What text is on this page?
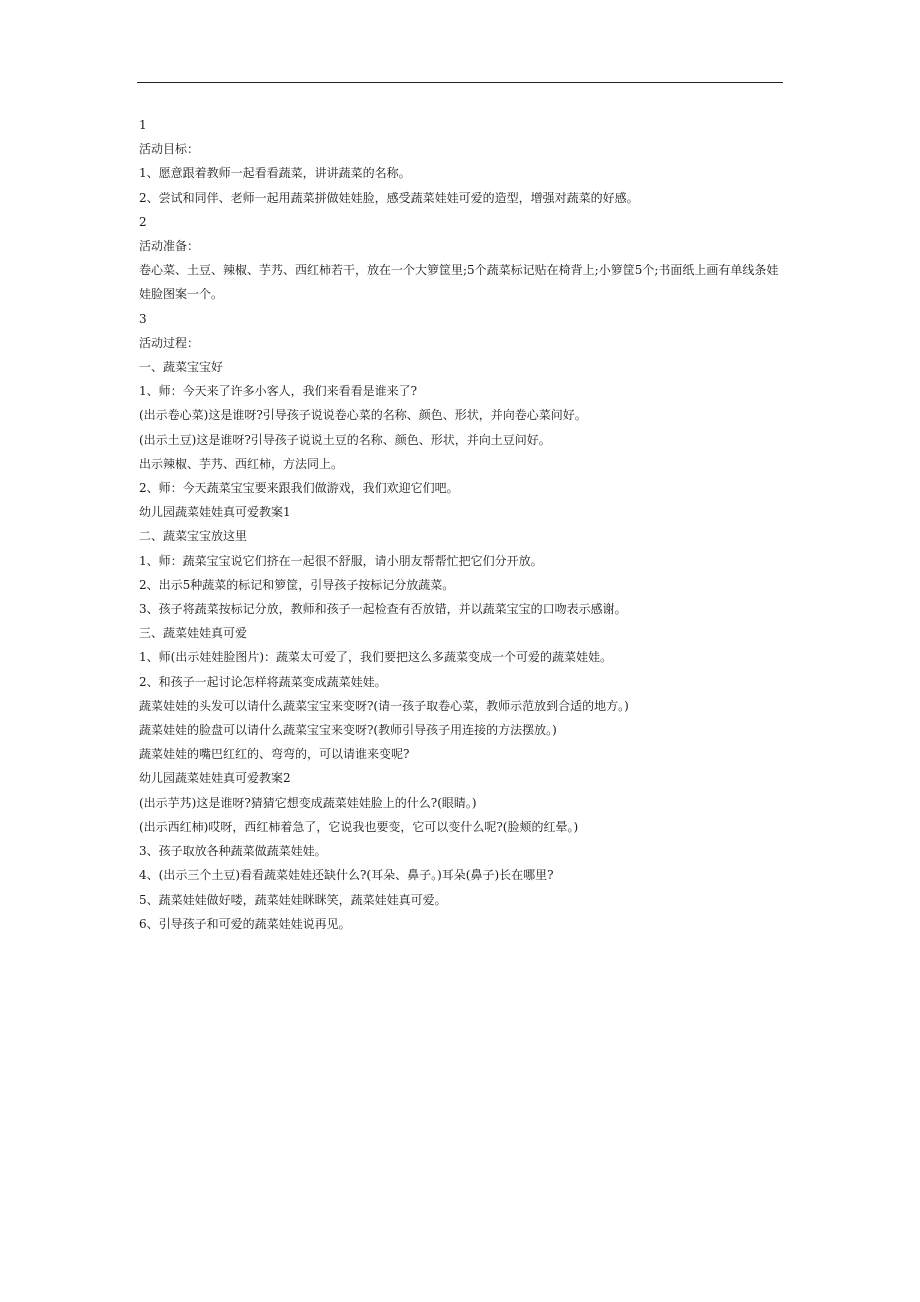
1

活动目标：

1、愿意跟着教师一起看看蔬菜，讲讲蔬菜的名称。

2、尝试和同伴、老师一起用蔬菜拼做娃娃脸，感受蔬菜娃娃可爱的造型，增强对蔬菜的好感。

2

活动准备：

卷心菜、土豆、辣椒、芋艿、西红柿若干，放在一个大箩筐里;5个蔬菜标记贴在椅背上;小箩筐5个;书面纸上画有单线条娃娃脸图案一个。

3

活动过程：

一、蔬菜宝宝好

1、师：今天来了许多小客人，我们来看看是谁来了?

(出示卷心菜)这是谁呀?引导孩子说说卷心菜的名称、颜色、形状，并向卷心菜问好。

(出示土豆)这是谁呀?引导孩子说说土豆的名称、颜色、形状，并向土豆问好。

出示辣椒、芋艿、西红柿，方法同上。

2、师：今天蔬菜宝宝要来跟我们做游戏，我们欢迎它们吧。

幼儿园蔬菜娃娃真可爱教案1

二、蔬菜宝宝放这里

1、师：蔬菜宝宝说它们挤在一起很不舒服，请小朋友帮帮忙把它们分开放。

2、出示5种蔬菜的标记和箩筐，引导孩子按标记分放蔬菜。

3、孩子将蔬菜按标记分放，教师和孩子一起检查有否放错，并以蔬菜宝宝的口吻表示感谢。

三、蔬菜娃娃真可爱

1、师(出示娃娃脸图片)：蔬菜太可爱了，我们要把这么多蔬菜变成一个可爱的蔬菜娃娃。

2、和孩子一起讨论怎样将蔬菜变成蔬菜娃娃。

蔬菜娃娃的头发可以请什么蔬菜宝宝来变呀?(请一孩子取卷心菜，教师示范放到合适的地方。)

蔬菜娃娃的脸盘可以请什么蔬菜宝宝来变呀?(教师引导孩子用连接的方法摆放。)

蔬菜娃娃的嘴巴红红的、弯弯的，可以请谁来变呢?

幼儿园蔬菜娃娃真可爱教案2

(出示芋艿)这是谁呀?猜猜它想变成蔬菜娃娃脸上的什么?(眼睛。)

(出示西红柿)哎呀，西红柿着急了，它说我也要变，它可以变什么呢?(脸颊的红晕。)

3、孩子取放各种蔬菜做蔬菜娃娃。

4、(出示三个土豆)看看蔬菜娃娃还缺什么?(耳朵、鼻子。)耳朵(鼻子)长在哪里?

5、蔬菜娃娃做好喽，蔬菜娃娃眯眯笑，蔬菜娃娃真可爱。

6、引导孩子和可爱的蔬菜娃娃说再见。
